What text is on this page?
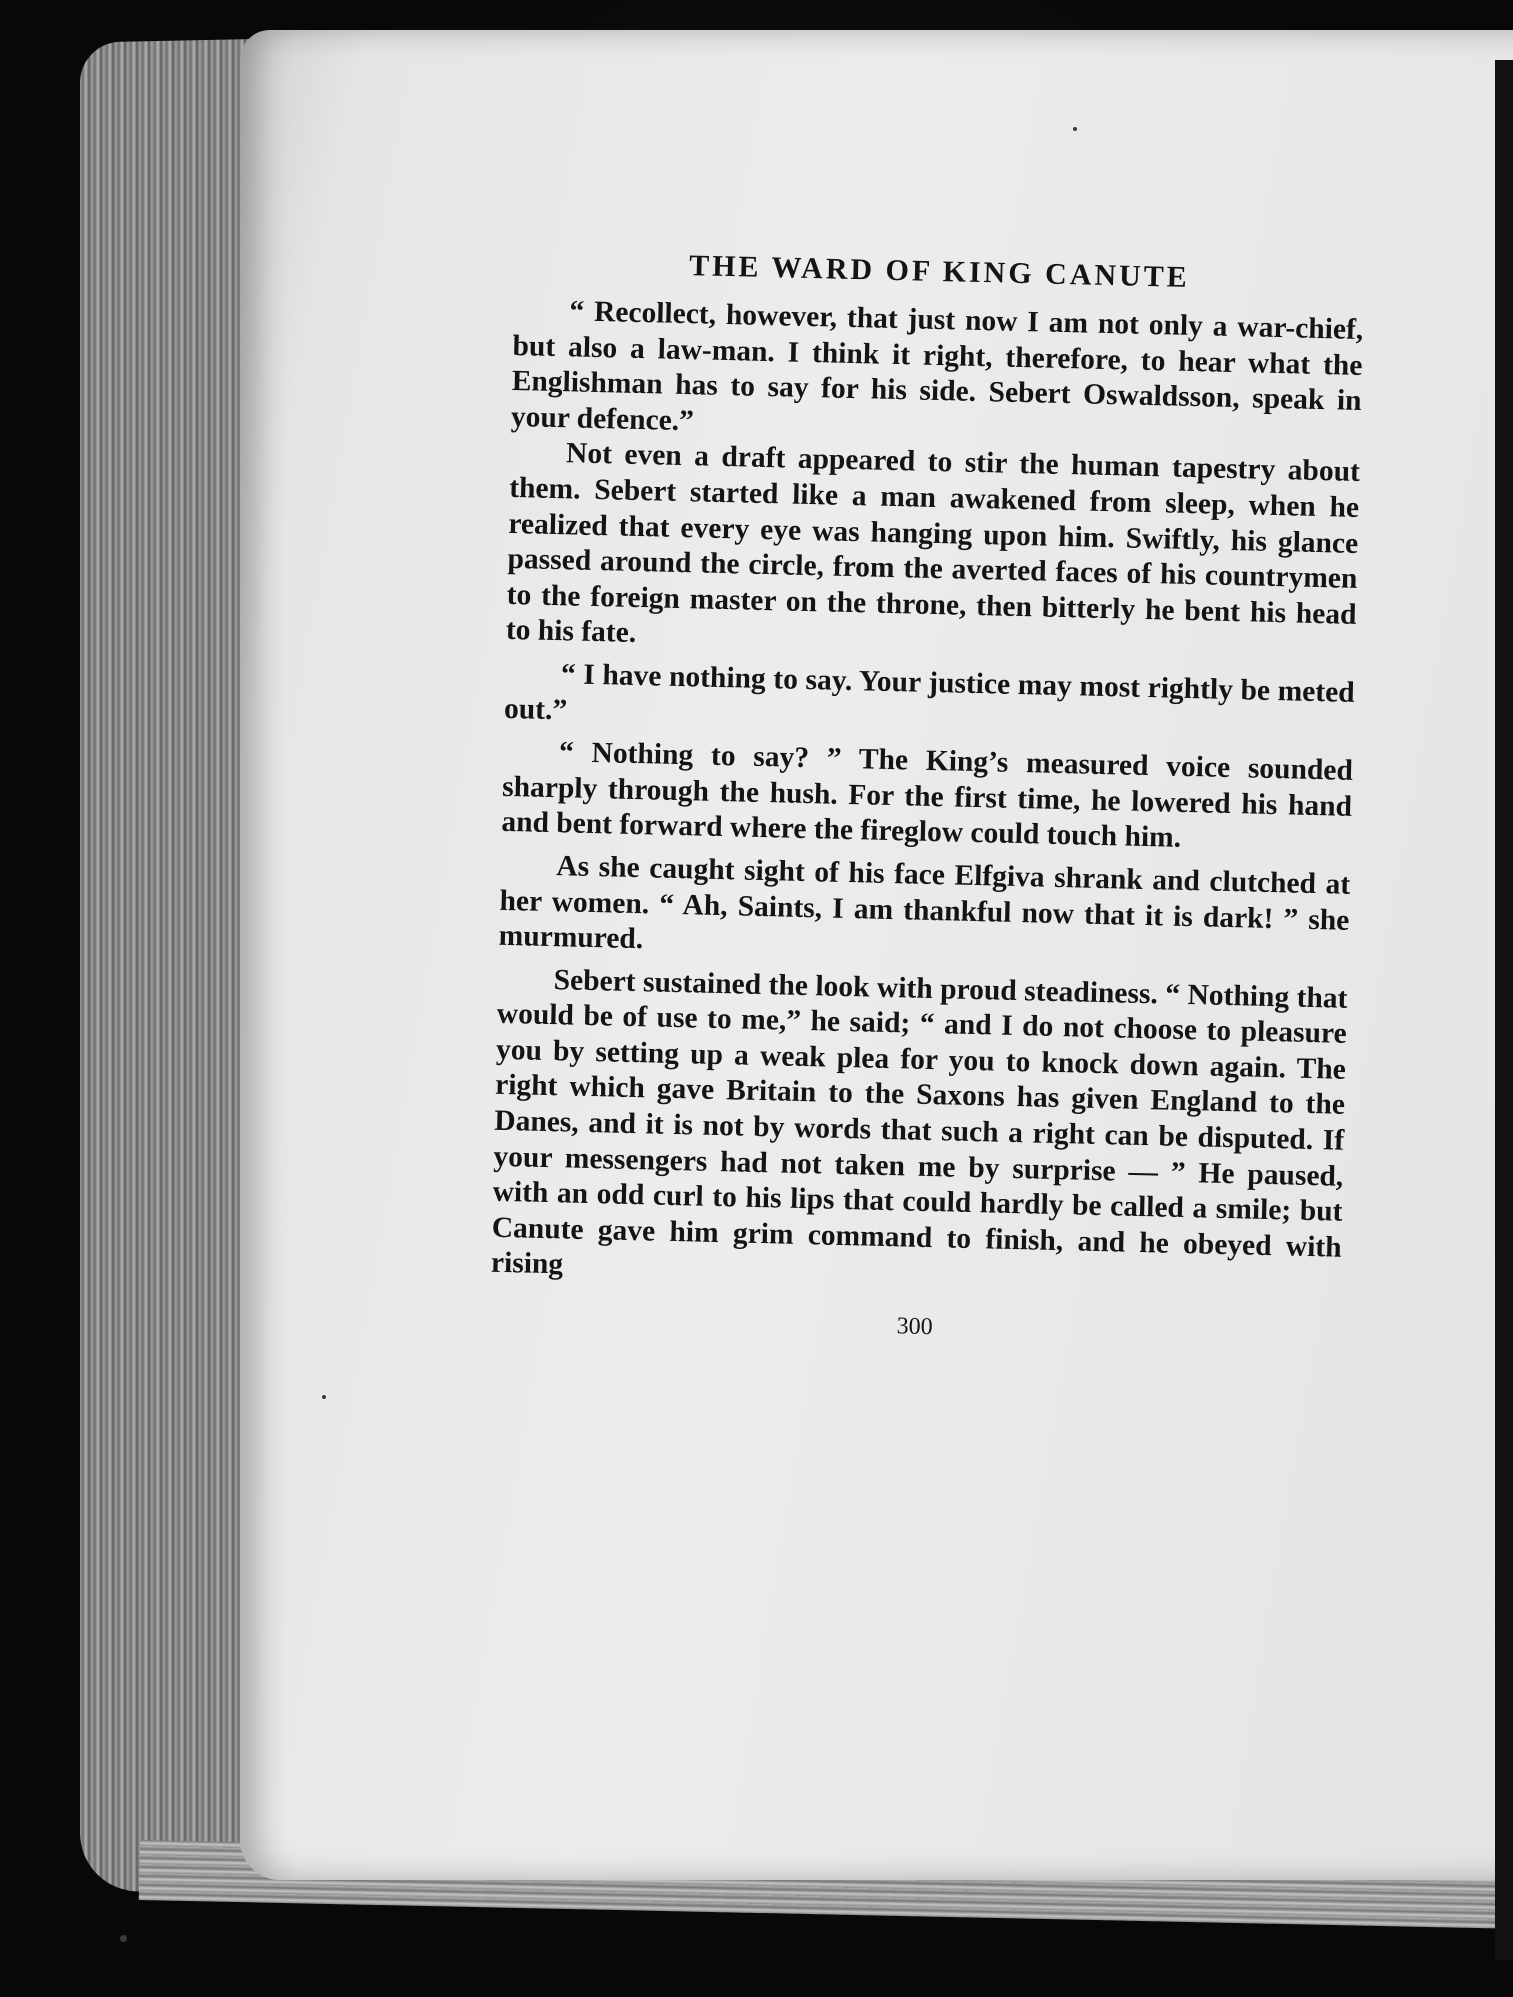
THE WARD OF KING CANUTE

“ Recollect, however, that just now I am not only a war-chief, but also a law-man. I think it right, therefore, to hear what the Englishman has to say for his side. Sebert Oswaldsson, speak in your defence.”

Not even a draft appeared to stir the human tapestry about them. Sebert started like a man awakened from sleep, when he realized that every eye was hanging upon him. Swiftly, his glance passed around the circle, from the averted faces of his countrymen to the foreign master on the throne, then bitterly he bent his head to his fate.

“ I have nothing to say. Your justice may most rightly be meted out.”

“ Nothing to say? ” The King’s measured voice sounded sharply through the hush. For the first time, he lowered his hand and bent forward where the fireglow could touch him.

As she caught sight of his face Elfgiva shrank and clutched at her women. “ Ah, Saints, I am thankful now that it is dark! ” she murmured.

Sebert sustained the look with proud steadiness. “ Nothing that would be of use to me,” he said; “ and I do not choose to pleasure you by setting up a weak plea for you to knock down again. The right which gave Britain to the Saxons has given England to the Danes, and it is not by words that such a right can be disputed. If your messengers had not taken me by surprise — ” He paused, with an odd curl to his lips that could hardly be called a smile; but Canute gave him grim command to finish, and he obeyed with rising

300
